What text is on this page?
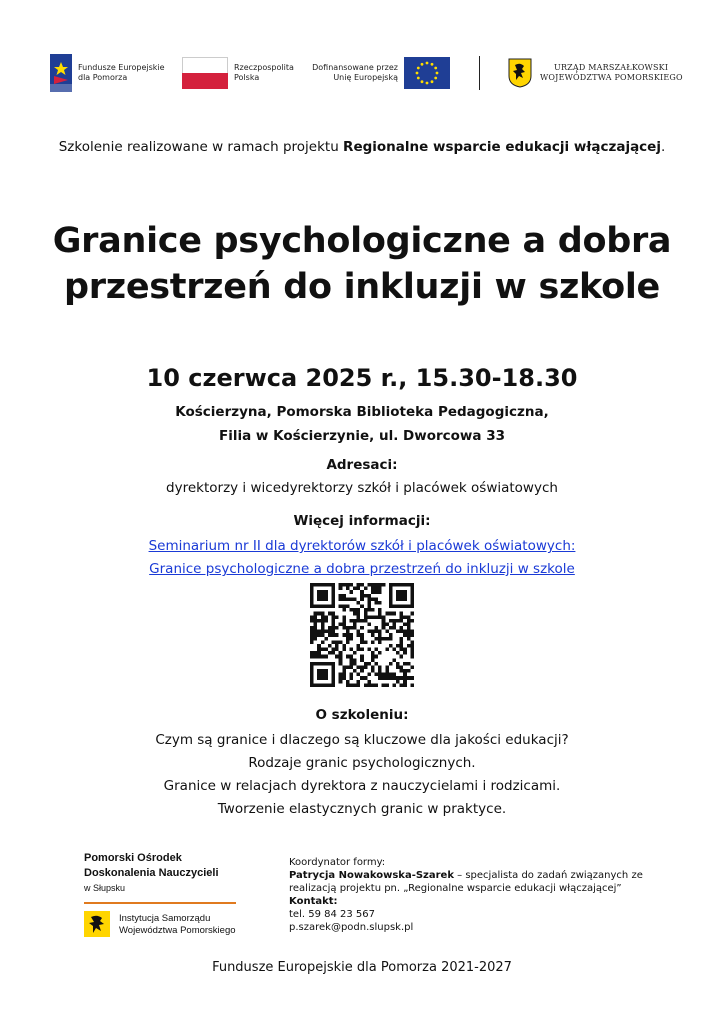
Fundusze Europejskie
dla Pomorza
Rzeczpospolita
Polska
Dofinansowane przez
Unię Europejską
URZĄD MARSZAŁKOWSKI
WOJEWÓDZTWA POMORSKIEGO
Szkolenie realizowane w ramach projektu Regionalne wsparcie edukacji włączającej.
Granice psychologiczne a dobra
przestrzeń do inkluzji w szkole
10 czerwca 2025 r., 15.30-18.30
Kościerzyna, Pomorska Biblioteka Pedagogiczna,
Filia w Kościerzynie, ul. Dworcowa 33
Adresaci:
dyrektorzy i wicedyrektorzy szkół i placówek oświatowych
Więcej informacji:
Seminarium nr II dla dyrektorów szkół i placówek oświatowych:
Granice psychologiczne a dobra przestrzeń do inkluzji w szkole
O szkoleniu:
Czym są granice i dlaczego są kluczowe dla jakości edukacji?
Rodzaje granic psychologicznych.
Granice w relacjach dyrektora z nauczycielami i rodzicami.
Tworzenie elastycznych granic w praktyce.
Pomorski Ośrodek
Doskonalenia Nauczycieli
w Słupsku
Instytucja Samorządu
Województwa Pomorskiego
Koordynator formy:
Patrycja Nowakowska-Szarek – specjalista do zadań związanych ze
realizacją projektu pn. „Regionalne wsparcie edukacji włączającej”
Kontakt:
tel. 59 84 23 567
p.szarek@podn.slupsk.pl
Fundusze Europejskie dla Pomorza 2021-2027
